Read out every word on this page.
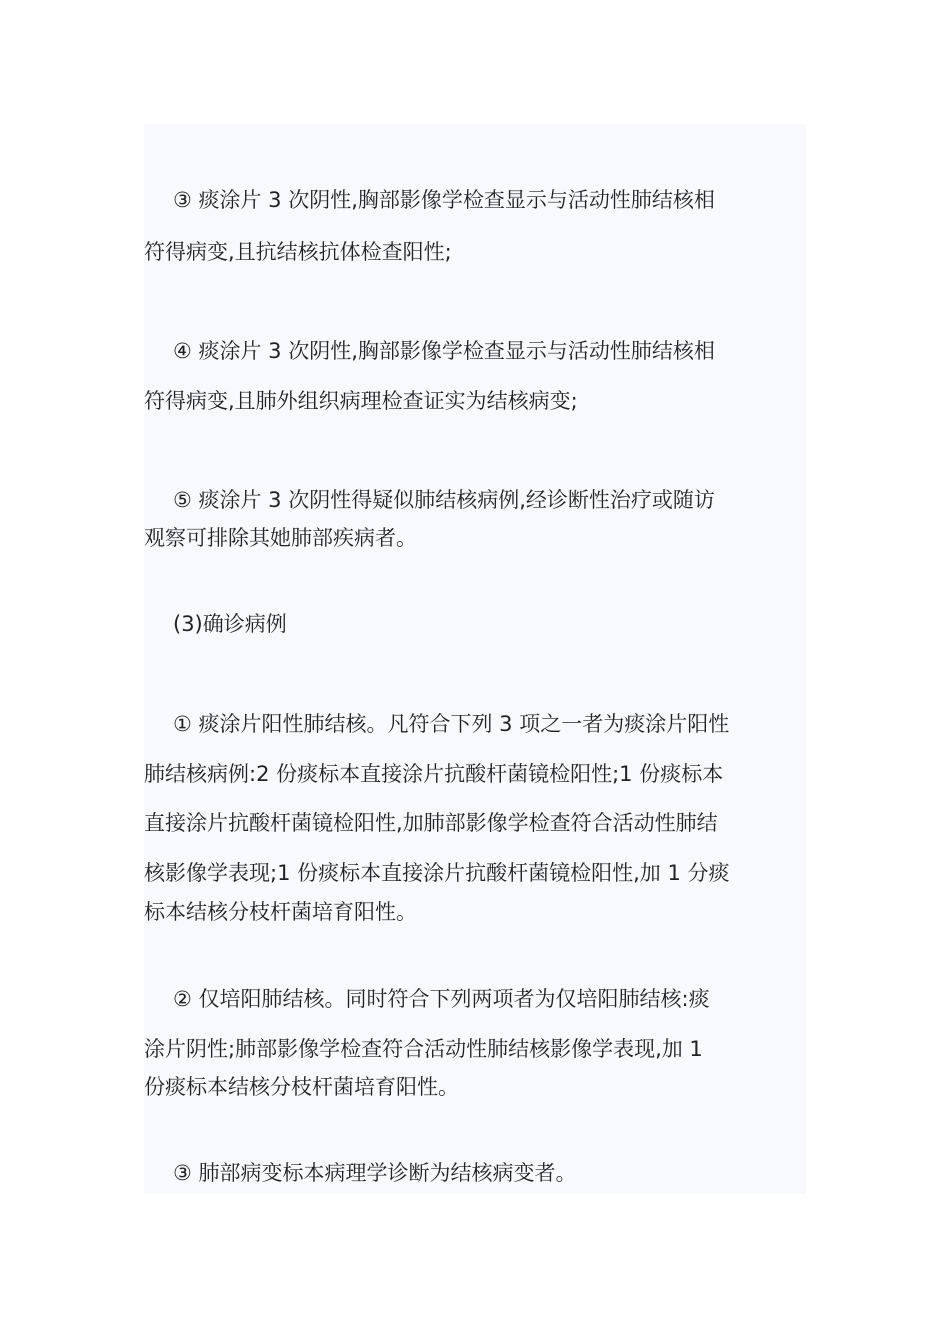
③ 痰涂片 3 次阴性,胸部影像学检查显示与活动性肺结核相
符得病变,且抗结核抗体检查阳性;
④ 痰涂片 3 次阴性,胸部影像学检查显示与活动性肺结核相
符得病变,且肺外组织病理检查证实为结核病变;
⑤ 痰涂片 3 次阴性得疑似肺结核病例,经诊断性治疗或随访
观察可排除其她肺部疾病者。
(3)确诊病例
① 痰涂片阳性肺结核。凡符合下列 3 项之一者为痰涂片阳性
肺结核病例:2 份痰标本直接涂片抗酸杆菌镜检阳性;1 份痰标本
直接涂片抗酸杆菌镜检阳性,加肺部影像学检查符合活动性肺结
核影像学表现;1 份痰标本直接涂片抗酸杆菌镜检阳性,加 1 分痰
标本结核分枝杆菌培育阳性。
② 仅培阳肺结核。同时符合下列两项者为仅培阳肺结核:痰
涂片阴性;肺部影像学检查符合活动性肺结核影像学表现,加 1
份痰标本结核分枝杆菌培育阳性。
③ 肺部病变标本病理学诊断为结核病变者。
